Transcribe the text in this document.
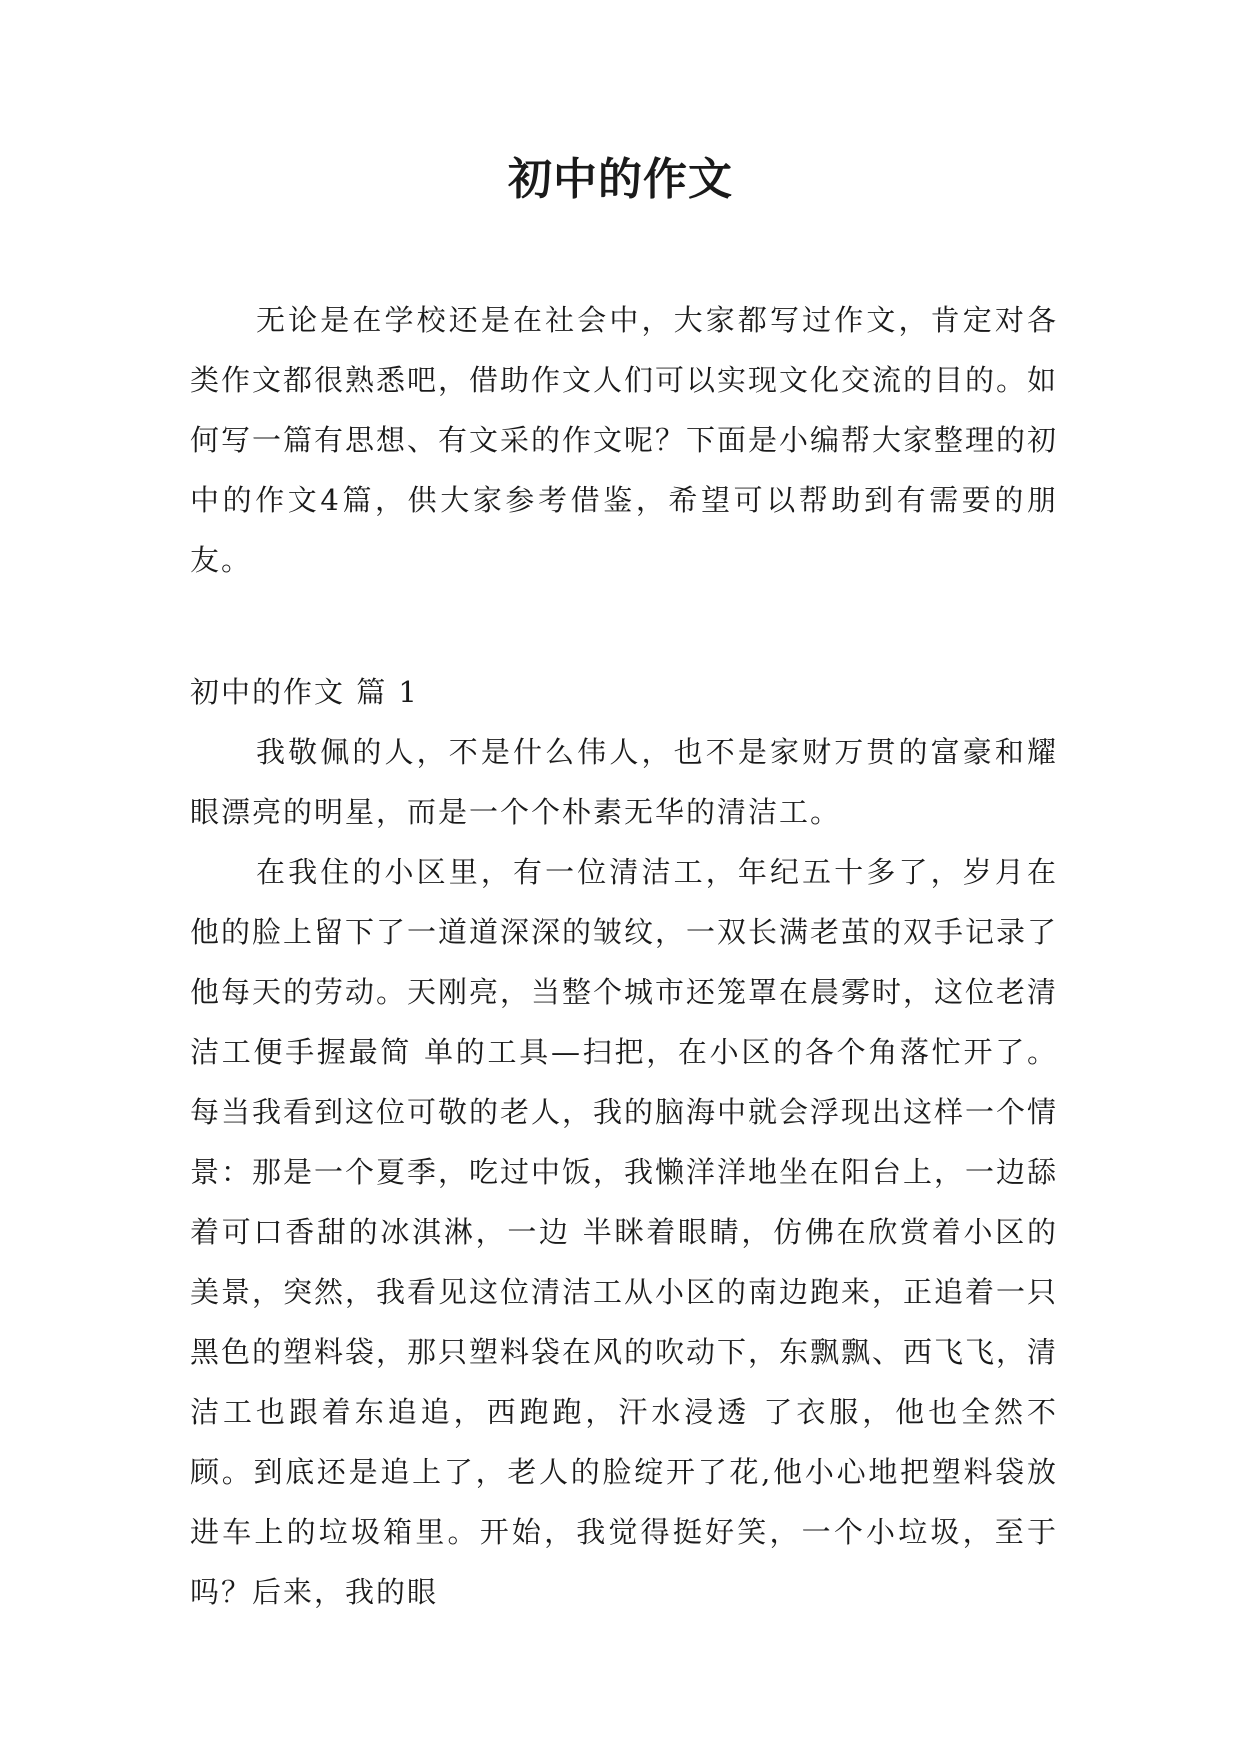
初中的作文

无论是在学校还是在社会中，大家都写过作文，肯定对各类作文都很熟悉吧，借助作文人们可以实现文化交流的目的。如何写一篇有思想、有文采的作文呢？下面是小编帮大家整理的初中的作文4篇，供大家参考借鉴，希望可以帮助到有需要的朋友。

初中的作文 篇 1

我敬佩的人，不是什么伟人，也不是家财万贯的富豪和耀眼漂亮的明星，而是一个个朴素无华的清洁工。

在我住的小区里，有一位清洁工，年纪五十多了，岁月在他的脸上留下了一道道深深的皱纹，一双长满老茧的双手记录了他每天的劳动。天刚亮，当整个城市还笼罩在晨雾时，这位老清洁工便手握最简 单的工具—扫把，在小区的各个角落忙开了。每当我看到这位可敬的老人，我的脑海中就会浮现出这样一个情景：那是一个夏季，吃过中饭，我懒洋洋地坐在阳台上，一边舔着可口香甜的冰淇淋，一边 半眯着眼睛，仿佛在欣赏着小区的美景，突然，我看见这位清洁工从小区的南边跑来，正追着一只黑色的塑料袋，那只塑料袋在风的吹动下，东飘飘、西飞飞，清洁工也跟着东追追，西跑跑，汗水浸透 了衣服，他也全然不顾。到底还是追上了，老人的脸绽开了花,他小心地把塑料袋放进车上的垃圾箱里。开始，我觉得挺好笑，一个小垃圾，至于吗？后来，我的眼
